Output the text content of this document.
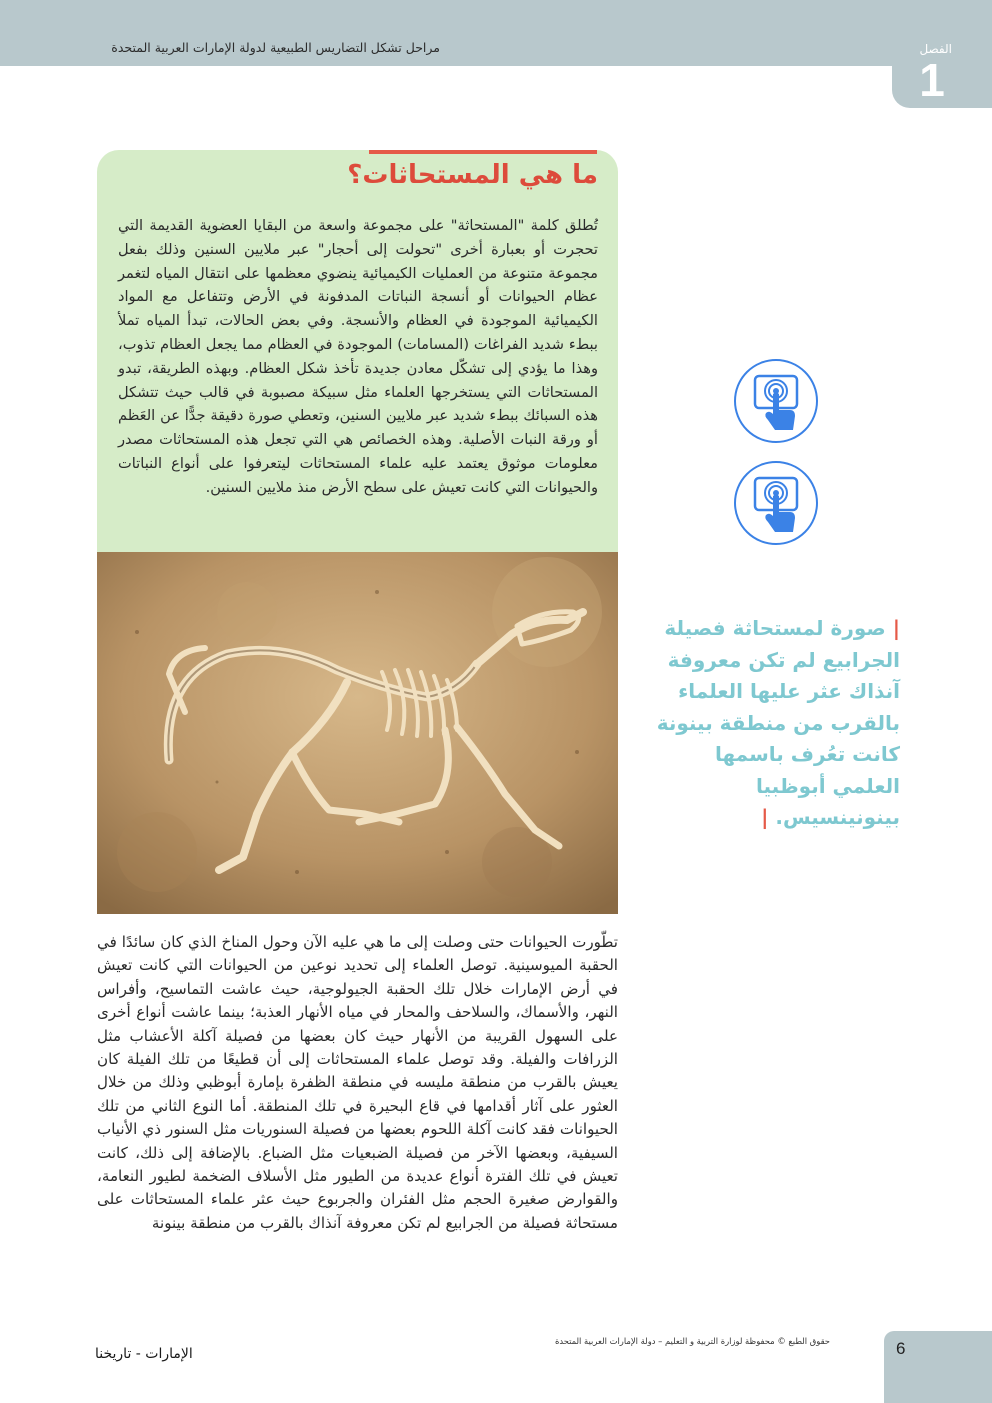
مراحل تشكل التضاريس الطبيعية لدولة الإمارات العربية المتحدة	الفصل
1
ما هي المستحاثات؟

تُطلق كلمة "المستحاثة" على مجموعة واسعة من البقايا العضوية القديمة التي تحجرت أو بعبارة أخرى "تحولت إلى أحجار" عبر ملايين السنين وذلك بفعل مجموعة متنوعة من العمليات الكيميائية ينضوي معظمها على انتقال المياه لتغمر عظام الحيوانات أو أنسجة النباتات المدفونة في الأرض وتتفاعل مع المواد الكيميائية الموجودة في العظام والأنسجة. وفي بعض الحالات، تبدأ المياه تملأ ببطء شديد الفراغات (المسامات) الموجودة في العظام مما يجعل العظام تذوب، وهذا ما يؤدي إلى تشكّل معادن جديدة تأخذ شكل العظام. وبهذه الطريقة، تبدو المستحاثات التي يستخرجها العلماء مثل سبيكة مصبوبة في قالب حيث تتشكل هذه السبائك ببطء شديد عبر ملايين السنين، وتعطي صورة دقيقة جدًّا عن العَظم أو ورقة النبات الأصلية. وهذه الخصائص هي التي تجعل هذه المستحاثات مصدر معلومات موثوق يعتمد عليه علماء المستحاثات ليتعرفوا على أنواع النباتات والحيوانات التي كانت تعيش على سطح الأرض منذ ملايين السنين.

| صورة لمستحاثة فصيلة الجرابيع لم تكن معروفة آنذاك عثر عليها العلماء بالقرب من منطقة بينونة كانت تعُرف باسمها العلمي أبوظبيا بينونينسيس. |

تطّورت الحيوانات حتى وصلت إلى ما هي عليه الآن وحول المناخ الذي كان سائدًا في الحقبة الميوسينية. توصل العلماء إلى تحديد نوعين من الحيوانات التي كانت تعيش في أرض الإمارات خلال تلك الحقبة الجيولوجية، حيث عاشت التماسيح، وأفراس النهر، والأسماك، والسلاحف والمحار في مياه الأنهار العذبة؛ بينما عاشت أنواع أخرى على السهول القريبة من الأنهار حيث كان بعضها من فصيلة آكلة الأعشاب مثل الزرافات والفيلة. وقد توصل علماء المستحاثات إلى أن قطيعًا من تلك الفيلة كان يعيش بالقرب من منطقة مليسه في منطقة الظفرة بإمارة أبوظبي وذلك من خلال العثور على آثار أقدامها في قاع البحيرة في تلك المنطقة. أما النوع الثاني من تلك الحيوانات فقد كانت آكلة اللحوم بعضها من فصيلة السنوريات مثل السنور ذي الأنياب السيفية، وبعضها الآخر من فصيلة الضبعيات مثل الضباع. بالإضافة إلى ذلك، كانت تعيش في تلك الفترة أنواع عديدة من الطيور مثل الأسلاف الضخمة لطيور النعامة، والقوارض صغيرة الحجم مثل الفئران والجربوع حيث عثر علماء المستحاثات على مستحاثة فصيلة من الجرابيع لم تكن معروفة آنذاك بالقرب من منطقة بينونة

الإمارات - تاريخنا
حقوق الطبع © محفوظة لوزارة التربية و التعليم – دولة الإمارات العربية المتحدة	6
